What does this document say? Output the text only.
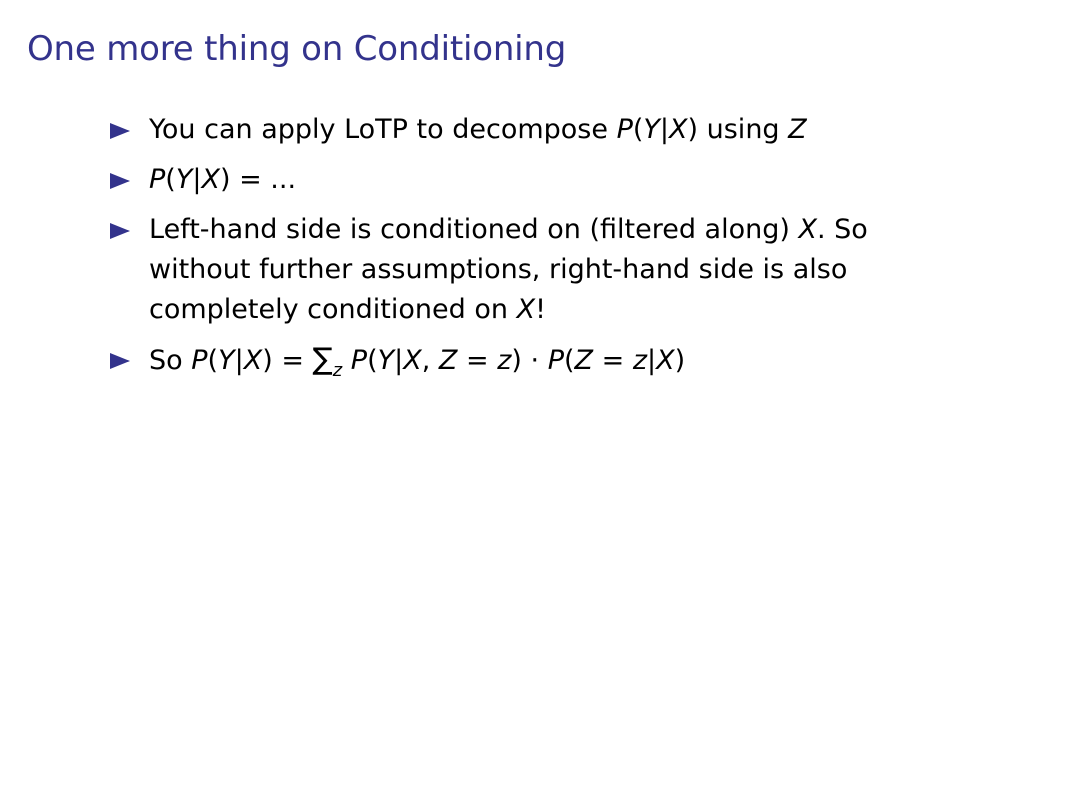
One more thing on Conditioning
You can apply LoTP to decompose P(Y|X) using Z
P(Y|X) = ...
Left-hand side is conditioned on (filtered along) X. So without further assumptions, right-hand side is also completely conditioned on X!
So $P(Y|X) = \sum_z$ P(Y|X, Z = z) · P(Z = z|X)
